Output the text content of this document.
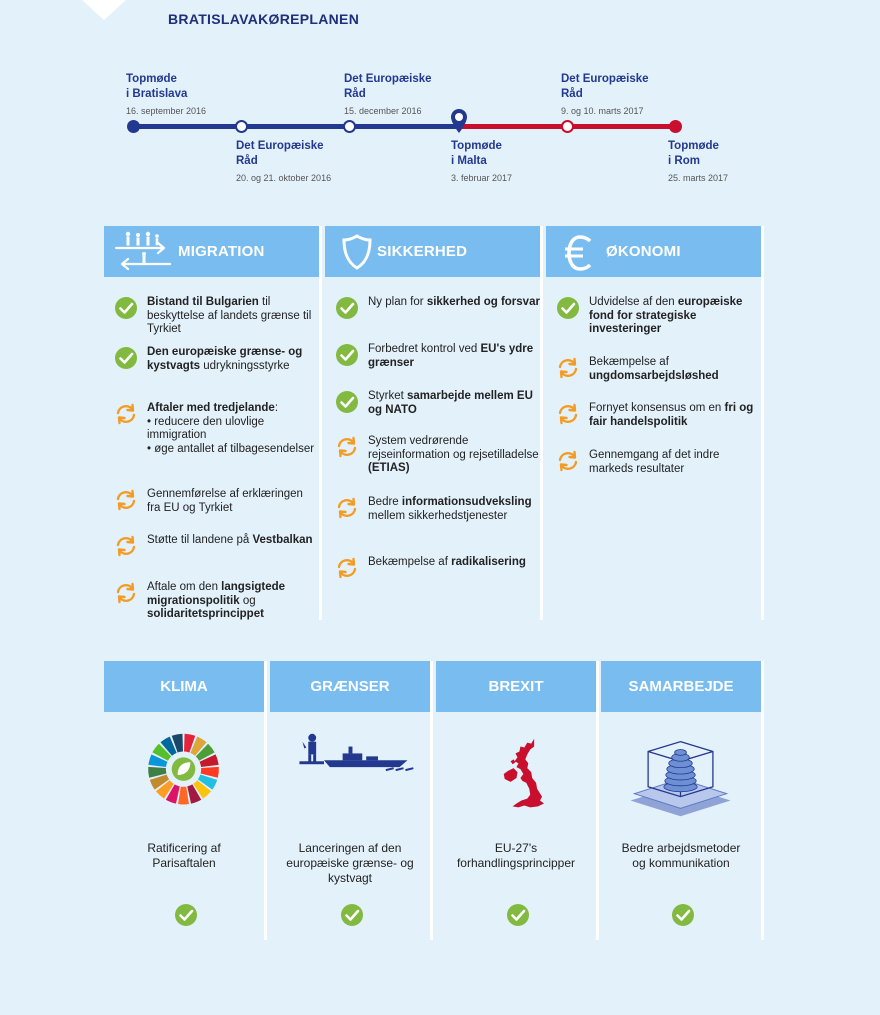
BRATISLAVAKØREPLANEN
Topmøde
i Bratislava
16. september 2016
Det Europæiske
Råd
15. december 2016
Det Europæiske
Råd
9. og 10. marts 2017
Det Europæiske
Råd
20. og 21. oktober 2016
Topmøde
i Malta
3. februar 2017
Topmøde
i Rom
25. marts 2017
MIGRATION
Bistand til Bulgarien til beskyttelse af landets grænse til Tyrkiet
Den europæiske grænse- og kystvagts udrykningsstyrke
Aftaler med tredjelande:
• reducere den ulovlige immigration
• øge antallet af tilbagesendelser
Gennemførelse af erklæringen fra EU og Tyrkiet
Støtte til landene på Vestbalkan
Aftale om den langsigtede migrationspolitik og solidaritetsprincippet
SIKKERHED
Ny plan for sikkerhed og forsvar
Forbedret kontrol ved EU's ydre grænser
Styrket samarbejde mellem EU og NATO
System vedrørende rejseinformation og rejsetilladelse (ETIAS)
Bedre informationsudveksling mellem sikkerhedstjenester
Bekæmpelse af radikalisering
ØKONOMI
Udvidelse af den europæiske fond for strategiske investeringer
Bekæmpelse af ungdomsarbejdsløshed
Fornyet konsensus om en fri og fair handelspolitik
Gennemgang af det indre markeds resultater
KLIMA
Ratificering af Parisaftalen
GRÆNSER
Lanceringen af den europæiske grænse- og kystvagt
BREXIT
EU-27's forhandlingsprincipper
SAMARBEJDE
Bedre arbejdsmetoder og kommunikation
